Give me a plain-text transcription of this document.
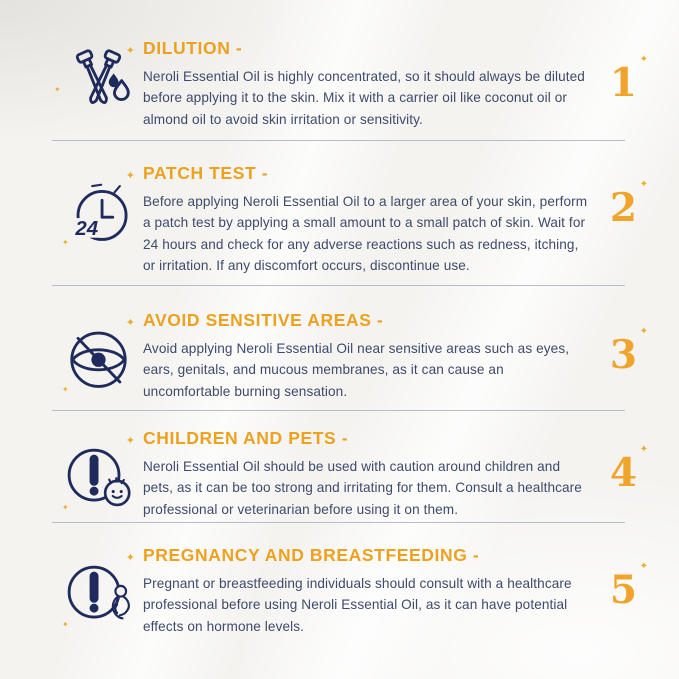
✦
✦
DILUTION -

Neroli Essential Oil is highly concentrated, so it should always be diluted before applying it to the skin. Mix it with a carrier oil like coconut oil or almond oil to avoid skin irritation or sensitivity.

1
✦
24
✦
✦
PATCH TEST -

Before applying Neroli Essential Oil to a larger area of your skin, perform a patch test by applying a small amount to a small patch of skin. Wait for 24 hours and check for any adverse reactions such as redness, itching, or irritation. If any discomfort occurs, discontinue use.

2
✦
✦
✦
AVOID SENSITIVE AREAS -

Avoid applying Neroli Essential Oil near sensitive areas such as eyes, ears, genitals, and mucous membranes, as it can cause an uncomfortable burning sensation.

3
✦
✦
✦
CHILDREN AND PETS -

Neroli Essential Oil should be used with caution around children and pets, as it can be too strong and irritating for them. Consult a healthcare professional or veterinarian before using it on them.

4
✦
✦
✦
PREGNANCY AND BREASTFEEDING -

Pregnant or breastfeeding individuals should consult with a healthcare professional before using Neroli Essential Oil, as it can have potential effects on hormone levels.

5
✦
